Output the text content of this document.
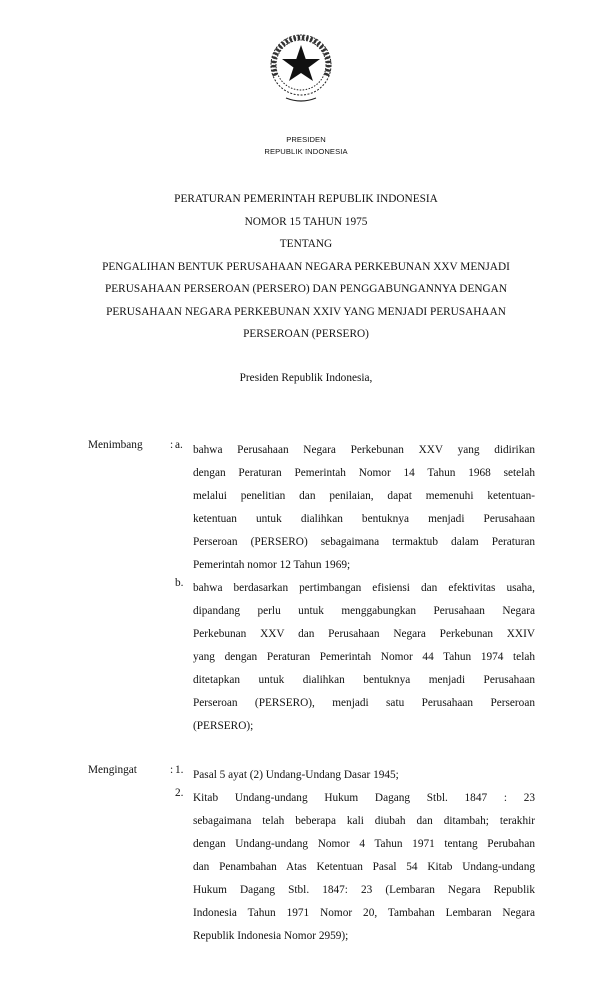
PRESIDEN
REPUBLIK INDONESIA
PERATURAN PEMERINTAH REPUBLIK INDONESIA
NOMOR 15 TAHUN 1975
TENTANG
PENGALIHAN BENTUK PERUSAHAAN NEGARA PERKEBUNAN XXV MENJADI
PERUSAHAAN PERSEROAN (PERSERO) DAN PENGGABUNGANNYA DENGAN
PERUSAHAAN NEGARA PERKEBUNAN XXIV YANG MENJADI PERUSAHAAN
PERSEROAN (PERSERO)
Presiden Republik Indonesia,
Menimbang : a. bahwa Perusahaan Negara Perkebunan XXV yang didirikan
dengan Peraturan Pemerintah Nomor 14 Tahun 1968 setelah
melalui penelitian dan penilaian, dapat memenuhi ketentuan-
ketentuan untuk dialihkan bentuknya menjadi Perusahaan
Perseroan (PERSERO) sebagaimana termaktub dalam Peraturan
Pemerintah nomor 12 Tahun 1969;
b. bahwa berdasarkan pertimbangan efisiensi dan efektivitas usaha,
dipandang perlu untuk menggabungkan Perusahaan Negara
Perkebunan XXV dan Perusahaan Negara Perkebunan XXIV
yang dengan Peraturan Pemerintah Nomor 44 Tahun 1974 telah
ditetapkan untuk dialihkan bentuknya menjadi Perusahaan
Perseroan (PERSERO), menjadi satu Perusahaan Perseroan
(PERSERO);
Mengingat	: 1. Pasal 5 ayat (2) Undang-Undang Dasar 1945;
2. Kitab Undang-undang Hukum Dagang Stbl. 1847 : 23
sebagaimana telah beberapa kali diubah dan ditambah; terakhir
dengan Undang-undang Nomor 4 Tahun 1971 tentang Perubahan
dan Penambahan Atas Ketentuan Pasal 54 Kitab Undang-undang
Hukum Dagang Stbl. 1847: 23 (Lembaran Negara Republik
Indonesia Tahun 1971 Nomor 20, Tambahan Lembaran Negara
Republik Indonesia Nomor 2959);
